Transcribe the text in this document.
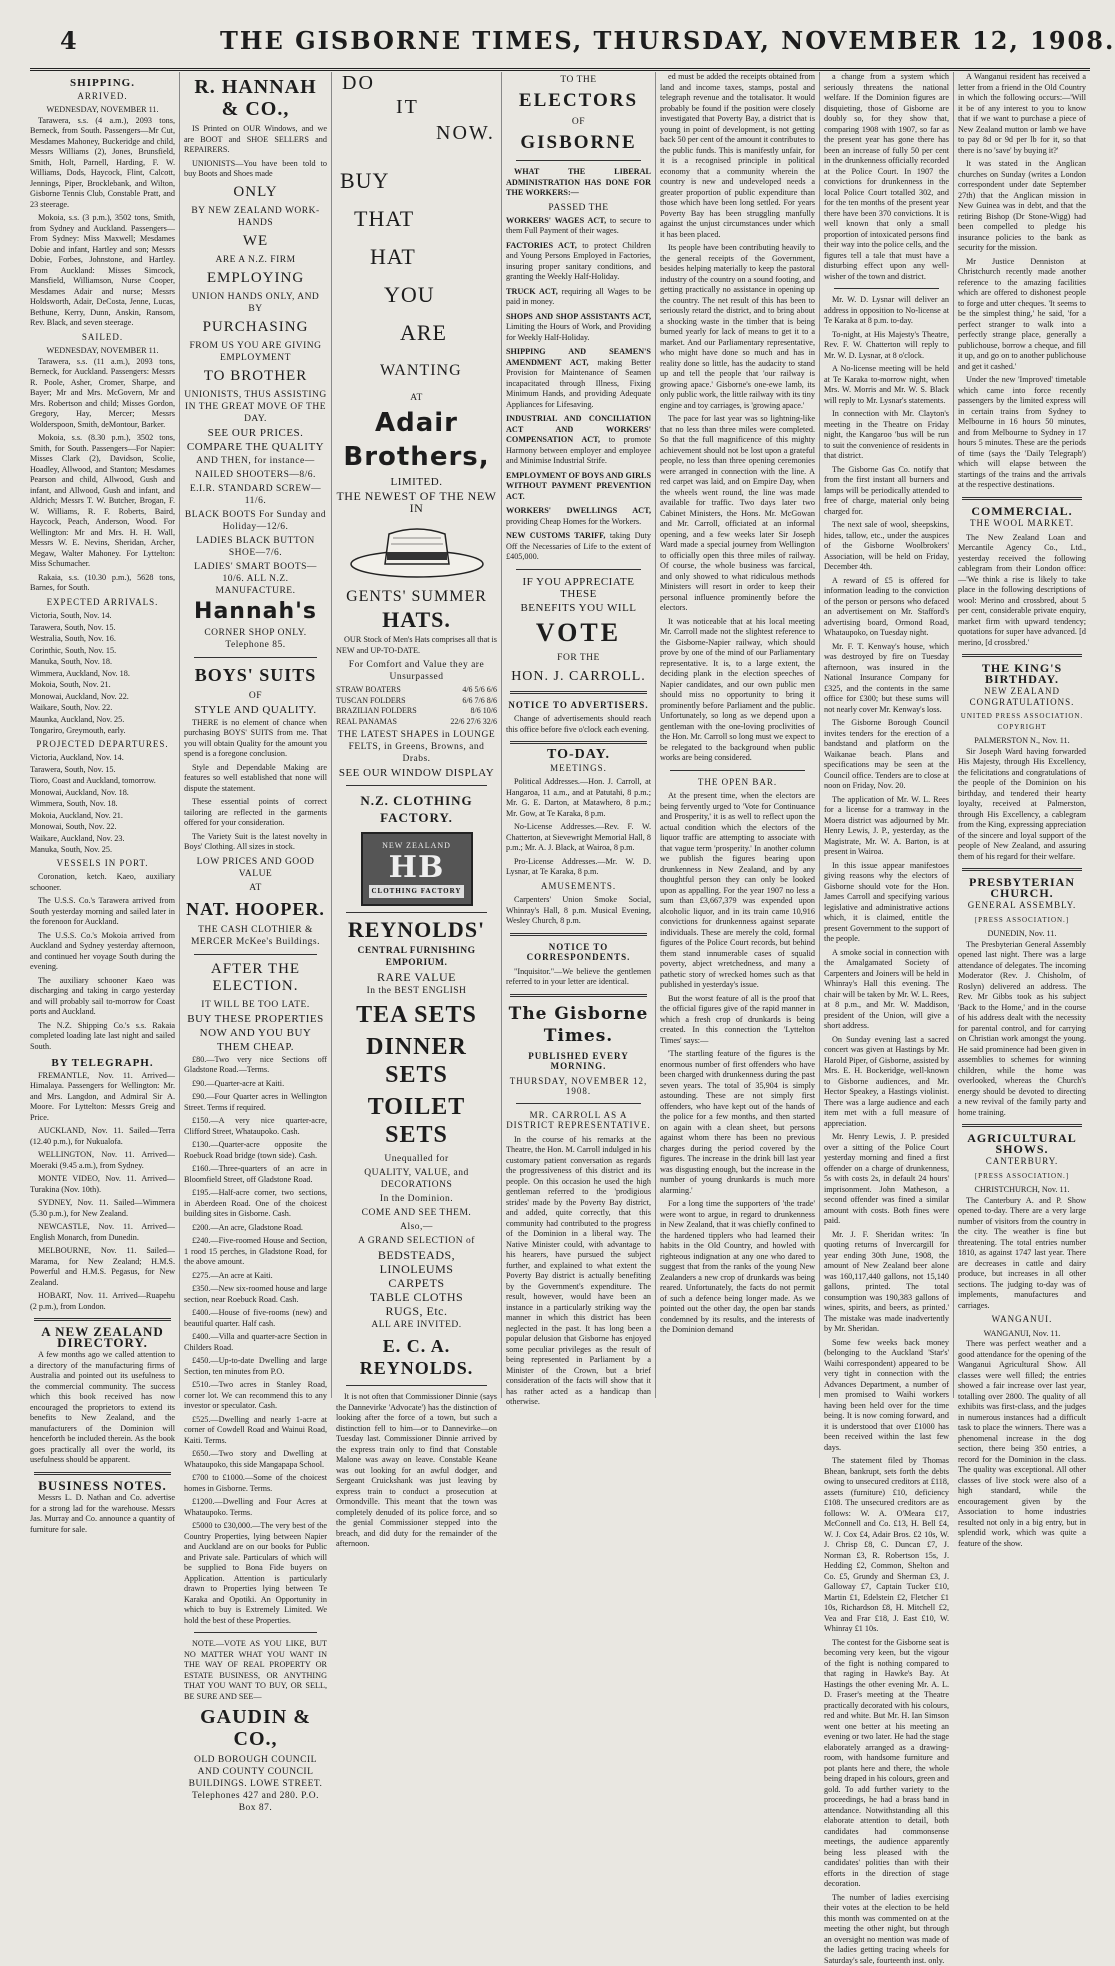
4	THE GISBORNE TIMES, THURSDAY, NOVEMBER 12, 1908.
SHIPPING.
ARRIVED.
WEDNESDAY, NOVEMBER 11.

Tarawera, s.s. (4 a.m.), 2093 tons, Berneck, from South. Passengers—Mr Cut, Mesdames Mahoney, Buckeridge and child, Messrs Williams (2), Jones, Brunsfield, Smith, Holt, Parnell, Harding, F. W. Williams, Dods, Haycock, Flint, Calcott, Jennings, Piper, Brocklebank, and Wilton, Gisborne Tennis Club, Constable Pratt, and 23 steerage.

Mokoia, s.s. (3 p.m.), 3502 tons, Smith, from Sydney and Auckland. Passengers—From Sydney: Miss Maxwell; Mesdames Dobie and infant, Hartley and son; Messrs Dobie, Forbes, Johnstone, and Hartley. From Auckland: Misses Simcock, Mansfield, Williamson, Nurse Cooper, Mesdames Adair and nurse; Messrs Holdsworth, Adair, DeCosta, Jenne, Lucas, Bethune, Kerry, Dunn, Anskin, Ransom, Rev. Black, and seven steerage.

SAILED.
WEDNESDAY, NOVEMBER 11.

Tarawera, s.s. (11 a.m.), 2093 tons, Berneck, for Auckland. Passengers: Messrs R. Poole, Asher, Cromer, Sharpe, and Bayer; Mr and Mrs. McGovern, Mr and Mrs. Robertson and child; Misses Gordon, Gregory, Hay, Mercer; Messrs Wolderspoon, Smith, deMontour, Barker.

Mokoia, s.s. (8.30 p.m.), 3502 tons, Smith, for South. Passengers—For Napier: Misses Clark (2), Davidson, Scolie, Hoadley, Allwood, and Stanton; Mesdames Pearson and child, Allwood, Gush and infant, and Allwood, Gush and infant, and Aldrich; Messrs T. W. Butcher, Brogan, F. W. Williams, R. F. Roberts, Baird, Haycock, Peach, Anderson, Wood. For Wellington: Mr and Mrs. H. H. Wall, Messrs W. E. Nevins, Sheridan, Archer, Megaw, Walter Mahoney. For Lyttelton: Miss Schumacher.

Rakaia, s.s. (10.30 p.m.), 5628 tons, Barnes, for South.

EXPECTED ARRIVALS.
Victoria, South, Nov. 14.
Tarawera, South, Nov. 15.
Westralia, South, Nov. 16.
Corinthic, South, Nov. 15.
Manuka, South, Nov. 18.
Wimmera, Auckland, Nov. 18.
Mokoia, South, Nov. 21.
Monowai, Auckland, Nov. 22.
Waikare, South, Nov. 22.
Maunka, Auckland, Nov. 25.
Tongariro, Greymouth, early.
PROJECTED DEPARTURES.
Victoria, Auckland, Nov. 14.
Tarawera, South, Nov. 15.
Tioro, Coast and Auckland, tomorrow.
Monowai, Auckland, Nov. 18.
Wimmera, South, Nov. 18.
Mokoia, Auckland, Nov. 21.
Monowai, South, Nov. 22.
Waikare, Auckland, Nov. 23.
Manuka, South, Nov. 25.
VESSELS IN PORT.

Coronation, ketch. Kaeo, auxiliary schooner.

The U.S.S. Co.'s Tarawera arrived from South yesterday morning and sailed later in the forenoon for Auckland.

The U.S.S. Co.'s Mokoia arrived from Auckland and Sydney yesterday afternoon, and continued her voyage South during the evening.

The auxiliary schooner Kaeo was discharging and taking in cargo yesterday and will probably sail to-morrow for Coast ports and Auckland.

The N.Z. Shipping Co.'s s.s. Rakaia completed loading late last night and sailed South.

BY TELEGRAPH.

FREMANTLE, Nov. 11. Arrived—Himalaya. Passengers for Wellington: Mr. and Mrs. Langdon, and Admiral Sir A. Moore. For Lyttelton: Messrs Greig and Price.

AUCKLAND, Nov. 11. Sailed—Terra (12.40 p.m.), for Nukualofa.

WELLINGTON, Nov. 11. Arrived—Moeraki (9.45 a.m.), from Sydney.

MONTE VIDEO, Nov. 11. Arrived—Turakina (Nov. 10th).

SYDNEY, Nov. 11. Sailed—Wimmera (5.30 p.m.), for New Zealand.

NEWCASTLE, Nov. 11. Arrived—English Monarch, from Dunedin.

MELBOURNE, Nov. 11. Sailed—Marama, for New Zealand; H.M.S. Powerful and H.M.S. Pegasus, for New Zealand.

HOBART, Nov. 11. Arrived—Ruapehu (2 p.m.), from London.

A NEW ZEALAND DIRECTORY.

A few months ago we called attention to a directory of the manufacturing firms of Australia and pointed out its usefulness to the commercial community. The success which this book received has now encouraged the proprietors to extend its benefits to New Zealand, and the manufacturers of the Dominion will henceforth be included therein. As the book goes practically all over the world, its usefulness should be apparent.

BUSINESS NOTES.

Messrs L. D. Nathan and Co. advertise for a strong lad for the warehouse. Messrs Jas. Murray and Co. announce a quantity of furniture for sale.

R. HANNAH & CO.,

IS Printed on OUR Windows, and we are BOOT and SHOE SELLERS and REPAIRERS.

UNIONISTS—You have been told to buy Boots and Shoes made

ONLY
BY NEW ZEALAND WORK-HANDS
WE
ARE A N.Z. FIRM
EMPLOYING
UNION HANDS ONLY, AND BY
PURCHASING
FROM US YOU ARE GIVING EMPLOYMENT
TO BROTHER
UNIONISTS, THUS ASSISTING IN THE GREAT MOVE OF THE DAY.
SEE OUR PRICES.
COMPARE THE QUALITY
AND THEN, for instance—
NAILED SHOOTERS—8/6.
E.I.R. STANDARD SCREW—11/6.
BLACK BOOTS For Sunday and Holiday—12/6.
LADIES BLACK BUTTON SHOE—7/6.
LADIES' SMART BOOTS—10/6. ALL N.Z. MANUFACTURE.
Hannah's
CORNER SHOP ONLY. Telephone 85.
BOYS' SUITS
OF
STYLE AND QUALITY.

THERE is no element of chance when purchasing BOYS' SUITS from me. That you will obtain Quality for the amount you spend is a foregone conclusion.

Style and Dependable Making are features so well established that none will dispute the statement.

These essential points of correct tailoring are reflected in the garments offered for your consideration.

The Variety Suit is the latest novelty in Boys' Clothing. All sizes in stock.

LOW PRICES AND GOOD VALUE
AT
NAT. HOOPER.
THE CASH CLOTHIER & MERCER McKee's Buildings.
AFTER THE ELECTION.
IT WILL BE TOO LATE.
BUY THESE PROPERTIES
NOW AND YOU BUY
THEM CHEAP.

£80.—Two very nice Sections off Gladstone Road.—Terms.

£90.—Quarter-acre at Kaiti.

£90.—Four Quarter acres in Wellington Street. Terms if required.

£150.—A very nice quarter-acre, Clifford Street, Whataupoko. Cash.

£130.—Quarter-acre opposite the Roebuck Road bridge (town side). Cash.

£160.—Three-quarters of an acre in Bloomfield Street, off Gladstone Road.

£195.—Half-acre corner, two sections, in Aberdeen Road. One of the choicest building sites in Gisborne. Cash.

£200.—An acre, Gladstone Road.

£240.—Five-roomed House and Section, 1 rood 15 perches, in Gladstone Road, for the above amount.

£275.—An acre at Kaiti.

£350.—New six-roomed house and large section, near Roebuck Road. Cash.

£400.—House of five-rooms (new) and beautiful quarter. Half cash.

£400.—Villa and quarter-acre Section in Childers Road.

£450.—Up-to-date Dwelling and large Section, ten minutes from P.O.

£510.—Two acres in Stanley Road, corner lot. We can recommend this to any investor or speculator. Cash.

£525.—Dwelling and nearly 1-acre at corner of Cowdell Road and Wainui Road, Kaiti. Terms.

£650.—Two story and Dwelling at Whataupoko, this side Mangapapa School.

£700 to £1000.—Some of the choicest homes in Gisborne. Terms.

£1200.—Dwelling and Four Acres at Whataupoko. Terms.

£5000 to £30,000.—The very best of the Country Properties, lying between Napier and Auckland are on our books for Public and Private sale. Particulars of which will be supplied to Bona Fide buyers on Application. Attention is particularly drawn to Properties lying between Te Karaka and Opotiki. An Opportunity in which to buy is Extremely Limited. We hold the best of these Properties.

NOTE.—VOTE AS YOU LIKE, BUT NO MATTER WHAT YOU WANT IN THE WAY OF REAL PROPERTY OR ESTATE BUSINESS, OR ANYTHING THAT YOU WANT TO BUY, OR SELL, BE SURE AND SEE—

GAUDIN & CO.,
OLD BOROUGH COUNCIL AND COUNTY COUNCIL BUILDINGS. LOWE STREET. Telephones 427 and 280. P.O. Box 87.
DO
IT
NOW.
BUY
THAT
HAT
YOU
ARE
WANTING
AT
Adair
Brothers,
LIMITED.
THE NEWEST OF THE NEW IN
GENTS' SUMMER
HATS.

OUR Stock of Men's Hats comprises all that is NEW and UP-TO-DATE.

For Comfort and Value they are Unsurpassed
STRAW BOATERS	4/6 5/6 6/6
TUSCAN FOLDERS	6/6 7/6 8/6
BRAZILIAN FOLDERS	8/6 10/6
REAL PANAMAS	22/6 27/6 32/6
THE LATEST SHAPES in LOUNGE FELTS, in Greens, Browns, and Drabs.
SEE OUR WINDOW DISPLAY
N.Z. CLOTHING FACTORY.
NEW ZEALAND
HB
CLOTHING FACTORY
REYNOLDS'
CENTRAL FURNISHING EMPORIUM.
RARE VALUE
In the BEST ENGLISH
TEA SETS
DINNER SETS
TOILET SETS
Unequalled for
QUALITY, VALUE, and DECORATIONS
In the Dominion.
COME AND SEE THEM.
Also,—
A GRAND SELECTION of
BEDSTEADS,
LINOLEUMS
CARPETS
TABLE CLOTHS
RUGS, Etc.
ALL ARE INVITED.
E. C. A. REYNOLDS.

It is not often that Commissioner Dinnie (says the Dannevirke 'Advocate') has the distinction of looking after the force of a town, but such a distinction fell to him—or to Dannevirke—on Tuesday last. Commissioner Dinnie arrived by the express train only to find that Constable Malone was away on leave. Constable Keane was out looking for an awful dodger, and Sergeant Cruickshank was just leaving by express train to conduct a prosecution at Ormondville. This meant that the town was completely denuded of its police force, and so the genial Commissioner stepped into the breach, and did duty for the remainder of the afternoon.

TO THE
ELECTORS
OF
GISBORNE

WHAT THE LIBERAL ADMINISTRATION HAS DONE FOR THE WORKERS:—

PASSED THE
WORKERS' WAGES ACT, to secure to them Full Payment of their wages.
FACTORIES ACT, to protect Children and Young Persons Employed in Factories, insuring proper sanitary conditions, and granting the Weekly Half-Holiday.
TRUCK ACT, requiring all Wages to be paid in money.
SHOPS AND SHOP ASSISTANTS ACT, Limiting the Hours of Work, and Providing for Weekly Half-Holiday.
SHIPPING AND SEAMEN'S AMENDMENT ACT, making Better Provision for Maintenance of Seamen incapacitated through Illness, Fixing Minimum Hands, and providing Adequate Appliances for Lifesaving.
INDUSTRIAL AND CONCILIATION ACT AND WORKERS' COMPENSATION ACT, to promote Harmony between employer and employee and Minimise Industrial Strife.
EMPLOYMENT OF BOYS AND GIRLS WITHOUT PAYMENT PREVENTION ACT.
WORKERS' DWELLINGS ACT, providing Cheap Homes for the Workers.
NEW CUSTOMS TARIFF, taking Duty Off the Necessaries of Life to the extent of £405,000.
IF YOU APPRECIATE THESE
BENEFITS YOU WILL
VOTE
FOR THE
HON. J. CARROLL.
NOTICE TO ADVERTISERS.

Change of advertisements should reach this office before five o'clock each evening.

TO-DAY.
MEETINGS.

Political Addresses.—Hon. J. Carroll, at Hangaroa, 11 a.m., and at Patutahi, 8 p.m.; Mr. G. E. Darton, at Matawhero, 8 p.m.; Mr. Gow, at Te Karaka, 8 p.m.

No-License Addresses.—Rev. F. W. Chatterton, at Sievewright Memorial Hall, 8 p.m.; Mr. A. J. Black, at Wairoa, 8 p.m.

Pro-License Addresses.—Mr. W. D. Lysnar, at Te Karaka, 8 p.m.

AMUSEMENTS.

Carpenters' Union Smoke Social, Whinray's Hall, 8 p.m. Musical Evening, Wesley Church, 8 p.m.

NOTICE TO CORRESPONDENTS.

"Inquisitor."—We believe the gentlemen referred to in your letter are identical.

The Gisborne Times.
PUBLISHED EVERY MORNING.
THURSDAY, NOVEMBER 12, 1908.
MR. CARROLL AS A DISTRICT REPRESENTATIVE.

In the course of his remarks at the Theatre, the Hon. M. Carroll indulged in his customary patient conversation as regards the progressiveness of this district and its people. On this occasion he used the high gentleman referred to the 'prodigious strides' made by the Poverty Bay district, and added, quite correctly, that this community had contributed to the progress of the Dominion in a liberal way. The Native Minister could, with advantage to his hearers, have pursued the subject further, and explained to what extent the Poverty Bay district is actually benefiting by the Government's expenditure. The result, however, would have been an instance in a particularly striking way the manner in which this district has been neglected in the past. It has long been a popular delusion that Gisborne has enjoyed some peculiar privileges as the result of being represented in Parliament by a Minister of the Crown, but a brief consideration of the facts will show that it has rather acted as a handicap than otherwise.

ed must be added the receipts obtained from land and income taxes, stamps, postal and telegraph revenue and the totalisator. It would probably be found if the position were closely investigated that Poverty Bay, a district that is young in point of development, is not getting back 50 per cent of the amount it contributes to the public funds. This is manifestly unfair, for it is a recognised principle in political economy that a community wherein the country is new and undeveloped needs a greater proportion of public expenditure than those which have been long settled. For years Poverty Bay has been struggling manfully against the unjust circumstances under which it has been placed.

Its people have been contributing heavily to the general receipts of the Government, besides helping materially to keep the pastoral industry of the country on a sound footing, and getting practically no assistance in opening up the country. The net result of this has been to seriously retard the district, and to bring about a shocking waste in the timber that is being burned yearly for lack of means to get it to a market. And our Parliamentary representative, who might have done so much and has in reality done so little, has the audacity to stand up and tell the people that 'our railway is growing apace.' Gisborne's one-ewe lamb, its only public work, the little railway with its tiny engine and toy carriages, is 'growing apace.'

The pace for last year was so lightning-like that no less than three miles were completed. So that the full magnificence of this mighty achievement should not be lost upon a grateful people, no less than three opening ceremonies were arranged in connection with the line. A red carpet was laid, and on Empire Day, when the wheels went round, the line was made available for traffic. Two days later two Cabinet Ministers, the Hons. Mr. McGowan and Mr. Carroll, officiated at an informal opening, and a few weeks later Sir Joseph Ward made a special journey from Wellington to officially open this three miles of railway. Of course, the whole business was farcical, and only showed to what ridiculous methods Ministers will resort in order to keep their personal influence prominently before the electors.

It was noticeable that at his local meeting Mr. Carroll made not the slightest reference to the Gisborne-Napier railway, which should prove by one of the mind of our Parliamentary representative. It is, to a large extent, the deciding plank in the election speeches of Napier candidates, and our own public men should miss no opportunity to bring it prominently before Parliament and the public. Unfortunately, so long as we depend upon a gentleman with the one-loving proclivities of the Hon. Mr. Carroll so long must we expect to be relegated to the background when public works are being considered.

THE OPEN BAR.

At the present time, when the electors are being fervently urged to 'Vote for Continuance and Prosperity,' it is as well to reflect upon the actual condition which the electors of the liquor traffic are attempting to associate with that vague term 'prosperity.' In another column we publish the figures bearing upon drunkenness in New Zealand, and by any thoughtful person they can only be looked upon as appalling. For the year 1907 no less a sum than £3,667,379 was expended upon alcoholic liquor, and in its train came 10,916 convictions for drunkenness against separate individuals. These are merely the cold, formal figures of the Police Court records, but behind them stand innumerable cases of squalid poverty, abject wretchedness, and many a pathetic story of wrecked homes such as that published in yesterday's issue.

But the worst feature of all is the proof that the official figures give of the rapid manner in which a fresh crop of drunkards is being created. In this connection the 'Lyttelton Times' says:—

'The startling feature of the figures is the enormous number of first offenders who have been charged with drunkenness during the past seven years. The total of 35,904 is simply astounding. These are not simply first offenders, who have kept out of the hands of the police for a few months, and then started on again with a clean sheet, but persons against whom there has been no previous charges during the period covered by the figures. The increase in the drink bill last year was disgusting enough, but the increase in the number of young drunkards is much more alarming.'

For a long time the supporters of 'the trade' were wont to argue, in regard to drunkenness in New Zealand, that it was chiefly confined to the hardened tipplers who had learned their habits in the Old Country, and howled with righteous indignation at any one who dared to suggest that from the ranks of the young New Zealanders a new crop of drunkards was being reared. Unfortunately, the facts do not permit of such a defence being longer made. As we pointed out the other day, the open bar stands condemned by its results, and the interests of the Dominion demand

a change from a system which seriously threatens the national welfare. If the Dominion figures are disquieting, those of Gisborne are doubly so, for they show that, comparing 1908 with 1907, so far as the present year has gone there has been an increase of fully 50 per cent in the drunkenness officially recorded at the Police Court. In 1907 the convictions for drunkenness in the local Police Court totalled 302, and for the ten months of the present year there have been 370 convictions. It is well known that only a small proportion of intoxicated persons find their way into the police cells, and the figures tell a tale that must have a disturbing effect upon any well-wisher of the town and district.

Mr. W. D. Lysnar will deliver an address in opposition to No-license at Te Karaka at 8 p.m. to-day.

To-night, at His Majesty's Theatre, Rev. F. W. Chatterton will reply to Mr. W. D. Lysnar, at 8 o'clock.

A No-license meeting will be held at Te Karaka to-morrow night, when Mrs. W. Morris and Mr. W. S. Black will reply to Mr. Lysnar's statements.

In connection with Mr. Clayton's meeting in the Theatre on Friday night, the Kangaroo 'bus will be run to suit the convenience of residents in that district.

The Gisborne Gas Co. notify that from the first instant all burners and lamps will be periodically attended to free of charge, material only being charged for.

The next sale of wool, sheepskins, hides, tallow, etc., under the auspices of the Gisborne Woolbrokers' Association, will be held on Friday, December 4th.

A reward of £5 is offered for information leading to the conviction of the person or persons who defaced an advertisement on Mr. Stafford's advertising board, Ormond Road, Whataupoko, on Tuesday night.

Mr. F. T. Kenway's house, which was destroyed by fire on Tuesday afternoon, was insured in the National Insurance Company for £325, and the contents in the same office for £300; but these sums will not nearly cover Mr. Kenway's loss.

The Gisborne Borough Council invites tenders for the erection of a bandstand and platform on the Waikanae beach. Plans and specifications may be seen at the Council office. Tenders are to close at noon on Friday, Nov. 20.

The application of Mr. W. L. Rees for a license for a tramway in the Moera district was adjourned by Mr. Henry Lewis, J. P., yesterday, as the Magistrate, Mr. W. A. Barton, is at present in Wairoa.

In this issue appear manifestoes giving reasons why the electors of Gisborne should vote for the Hon. James Carroll and specifying various legislative and administrative actions which, it is claimed, entitle the present Government to the support of the people.

A smoke social in connection with the Amalgamated Society of Carpenters and Joiners will be held in Whinray's Hall this evening. The chair will be taken by Mr. W. L. Rees, at 8 p.m., and Mr. W. Maddison, president of the Union, will give a short address.

On Sunday evening last a sacred concert was given at Hastings by Mr. Harold Piper, of Gisborne, assisted by Mrs. E. H. Bockeridge, well-known to Gisborne audiences, and Mr. Hector Speakey, a Hastings violinist. There was a large audience and each item met with a full measure of appreciation.

Mr. Henry Lewis, J. P. presided over a sitting of the Police Court yesterday morning and fined a first offender on a charge of drunkenness, 5s with costs 2s, in default 24 hours' imprisonment. John Matheson, a second offender was fined a similar amount with costs. Both fines were paid.

Mr. J. F. Sheridan writes: 'In quoting returns of Invercargill for year ending 30th June, 1908, the amount of New Zealand beer alone was 160,117,440 gallons, not 15,140 gallons, printed. The total consumption was 190,383 gallons of wines, spirits, and beers, as printed.' The mistake was made inadvertently by Mr. Sheridan.

Some few weeks back money (belonging to the Auckland 'Star's' Waihi correspondent) appeared to be very tight in connection with the Advances Department, a number of men promised to Waihi workers having been held over for the time being. It is now coming forward, and it is understood that over £1000 has been received within the last few days.

The statement filed by Thomas Bhean, bankrupt, sets forth the debts owing to unsecured creditors at £118, assets (furniture) £10, deficiency £108. The unsecured creditors are as follows: W. A. O'Meara £17, McConnell and Co. £13, H. Bell £4, W. J. Cox £4, Adair Bros. £2 10s, W. J. Chrisp £8, C. Duncan £7, J. Norman £3, R. Robertson 15s, J. Hedding £2, Common, Shelton and Co. £5, Grundy and Sherman £3, J. Galloway £7, Captain Tucker £10, Martin £1, Edelstein £2, Fletcher £1 10s, Richardson £8, H. Mitchell £2, Vea and Frar £18, J. East £10, W. Whinray £1 10s.

The contest for the Gisborne seat is becoming very keen, but the vigour of the fight is nothing compared to that raging in Hawke's Bay. At Hastings the other evening Mr. A. L. D. Fraser's meeting at the Theatre practically decorated with his colours, red and white. But Mr. H. Ian Simson went one better at his meeting an evening or two later. He had the stage elaborately arranged as a drawing-room, with handsome furniture and pot plants here and there, the whole being draped in his colours, green and gold. To add further variety to the proceedings, he had a brass band in attendance. Notwithstanding all this elaborate attention to detail, both candidates had commonsense meetings, the audience apparently being less pleased with the candidates' polities than with their efforts in the direction of stage decoration.

The number of ladies exercising their votes at the election to be held this month was commented on at the meeting the other night, but through an oversight no mention was made of the ladies getting tracing wheels for Saturday's sale, fourteenth inst. only.

A Wanganui resident has received a letter from a friend in the Old Country in which the following occurs:—'Will it be of any interest to you to know that if we want to purchase a piece of New Zealand mutton or lamb we have to pay 8d or 9d per lb for it, so that there is no 'save' by buying it?'

It was stated in the Anglican churches on Sunday (writes a London correspondent under date September 27th) that the Anglican mission in New Guinea was in debt, and that the retiring Bishop (Dr Stone-Wigg) had been compelled to pledge his insurance policies to the bank as security for the mission.

Mr Justice Denniston at Christchurch recently made another reference to the amazing facilities which are offered to dishonest people to forge and utter cheques. 'It seems to be the simplest thing,' he said, 'for a perfect stranger to walk into a perfectly strange place, generally a publichouse, borrow a cheque, and fill it up, and go on to another publichouse and get it cashed.'

Under the new 'Improved' timetable which came into force recently passengers by the limited express will in certain trains from Sydney to Melbourne in 16 hours 50 minutes, and from Melbourne to Sydney in 17 hours 5 minutes. These are the periods of time (says the 'Daily Telegraph') which will elapse between the startings of the trains and the arrivals at the respective destinations.

COMMERCIAL.
THE WOOL MARKET.

The New Zealand Loan and Mercantile Agency Co., Ltd., yesterday received the following cablegram from their London office:—'We think a rise is likely to take place in the following descriptions of wool: Merino and crossbred, about 5 per cent, considerable private enquiry, market firm with upward tendency; quotations for super have advanced. [d merino, [d crossbred.'

THE KING'S BIRTHDAY.
NEW ZEALAND CONGRATULATIONS.
UNITED PRESS ASSOCIATION. COPYRIGHT
PALMERSTON N., Nov. 11.

Sir Joseph Ward having forwarded His Majesty, through His Excellency, the felicitations and congratulations of the people of the Dominion on his birthday, and tendered their hearty loyalty, received at Palmerston, through His Excellency, a cablegram from the King, expressing appreciation of the sincere and loyal support of the people of New Zealand, and assuring them of his regard for their welfare.

PRESBYTERIAN CHURCH.
GENERAL ASSEMBLY.
[PRESS ASSOCIATION.]
DUNEDIN, Nov. 11.

The Presbyterian General Assembly opened last night. There was a large attendance of delegates. The incoming Moderator (Rev. J. Chisholm, of Roslyn) delivered an address. The Rev. Mr Gibbs took as his subject 'Back to the Home,' and in the course of his address dealt with the necessity for parental control, and for carrying on Christian work amongst the young. He said prominence had been given in assemblies to schemes for winning children, while the home was overlooked, whereas the Church's energy should be devoted to directing a new revival of the family party and home training.

AGRICULTURAL SHOWS.
CANTERBURY.
[PRESS ASSOCIATION.]
CHRISTCHURCH, Nov. 11.

The Canterbury A. and P. Show opened to-day. There are a very large number of visitors from the country in the city. The weather is fine but threatening. The total entries number 1810, as against 1747 last year. There are decreases in cattle and dairy produce, but increases in all other sections. The judging to-day was of implements, manufactures and carriages.

WANGANUI.
WANGANUI, Nov. 11.

There was perfect weather and a good attendance for the opening of the Wanganui Agricultural Show. All classes were well filled; the entries showed a fair increase over last year, totalling over 2800. The quality of all exhibits was first-class, and the judges in numerous instances had a difficult task to place the winners. There was a phenomenal increase in the dog section, there being 350 entries, a record for the Dominion in the class. The quality was exceptional. All other classes of live stock were also of a high standard, while the encouragement given by the Association to home industries resulted not only in a big entry, but in splendid work, which was quite a feature of the show.
